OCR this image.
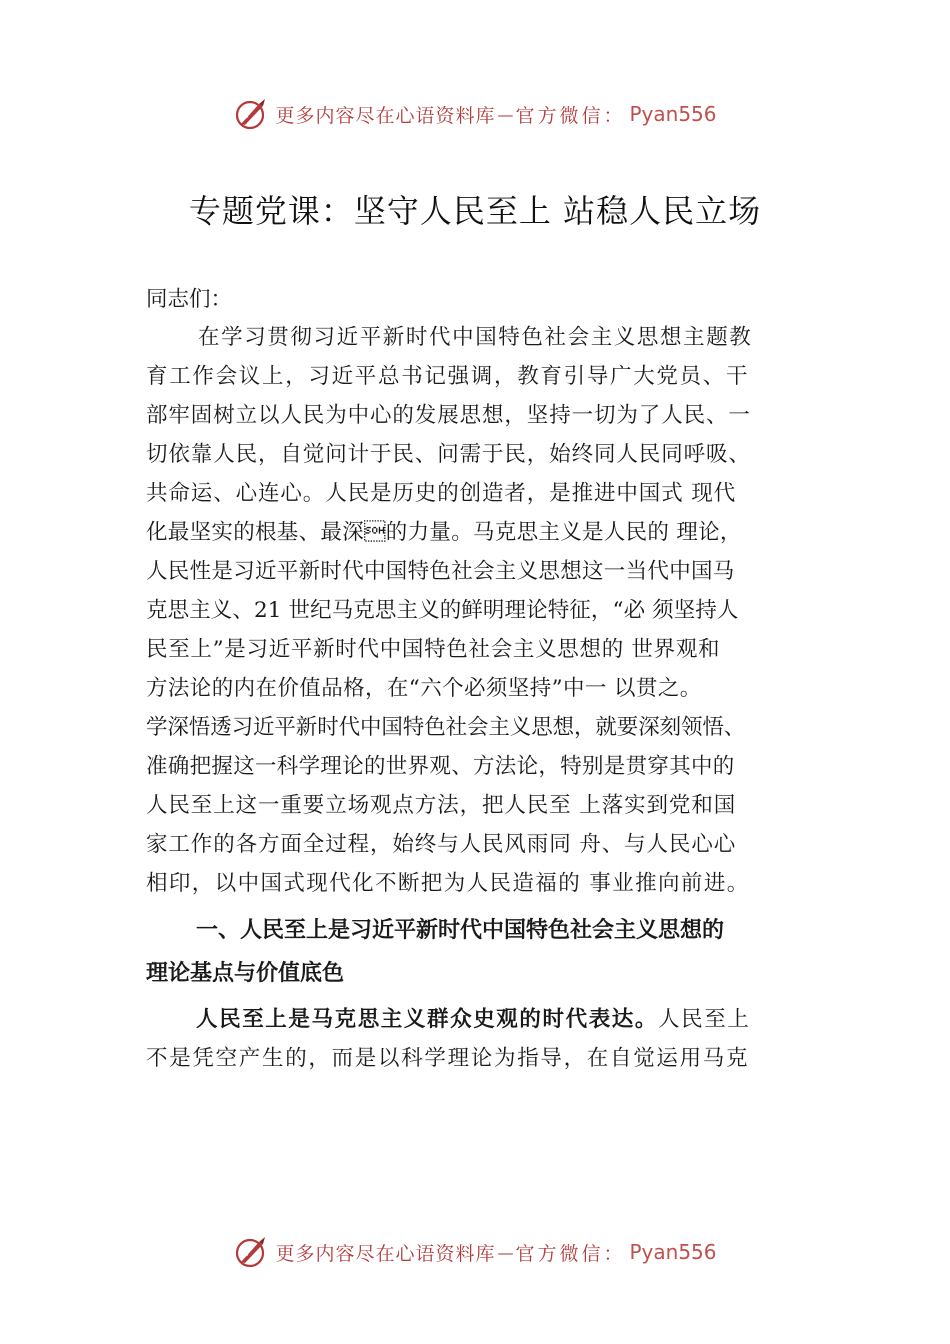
更多内容尽在心语资料库 — 官方微信： Pyan556
专题党课：坚守人民至上 站稳人民立场
同志们：
在学习贯彻习近平新时代中国特色社会主义思想主题教
育工作会议上，习近平总书记强调，教育引导广大党员、干
部牢固树立以人民为中心的发展思想，坚持一切为了人民、一
切依靠人民，自觉问计于民、问需于民，始终同人民同呼吸、
共命运、心连心。人民是历史的创造者，是推进中国式 现代
化最坚实的根基、最深的力量。马克思主义是人民的 理论，
人民性是习近平新时代中国特色社会主义思想这一当代中国马
克思主义、21 世纪马克思主义的鲜明理论特征，“必 须坚持人
民至上”是习近平新时代中国特色社会主义思想的 世界观和
方法论的内在价值品格，在“六个必须坚持”中一 以贯之。
学深悟透习近平新时代中国特色社会主义思想，就要深刻领悟、
准确把握这一科学理论的世界观、方法论，特别是贯穿其中的
人民至上这一重要立场观点方法，把人民至 上落实到党和国
家工作的各方面全过程，始终与人民风雨同 舟、与人民心心
相印，以中国式现代化不断把为人民造福的 事业推向前进。
一、人民至上是习近平新时代中国特色社会主义思想的
理论基点与价值底色
人民至上是马克思主义群众史观的时代表达。人民至上
不是凭空产生的，而是以科学理论为指导，在自觉运用马克
更多内容尽在心语资料库 — 官方微信： Pyan556
